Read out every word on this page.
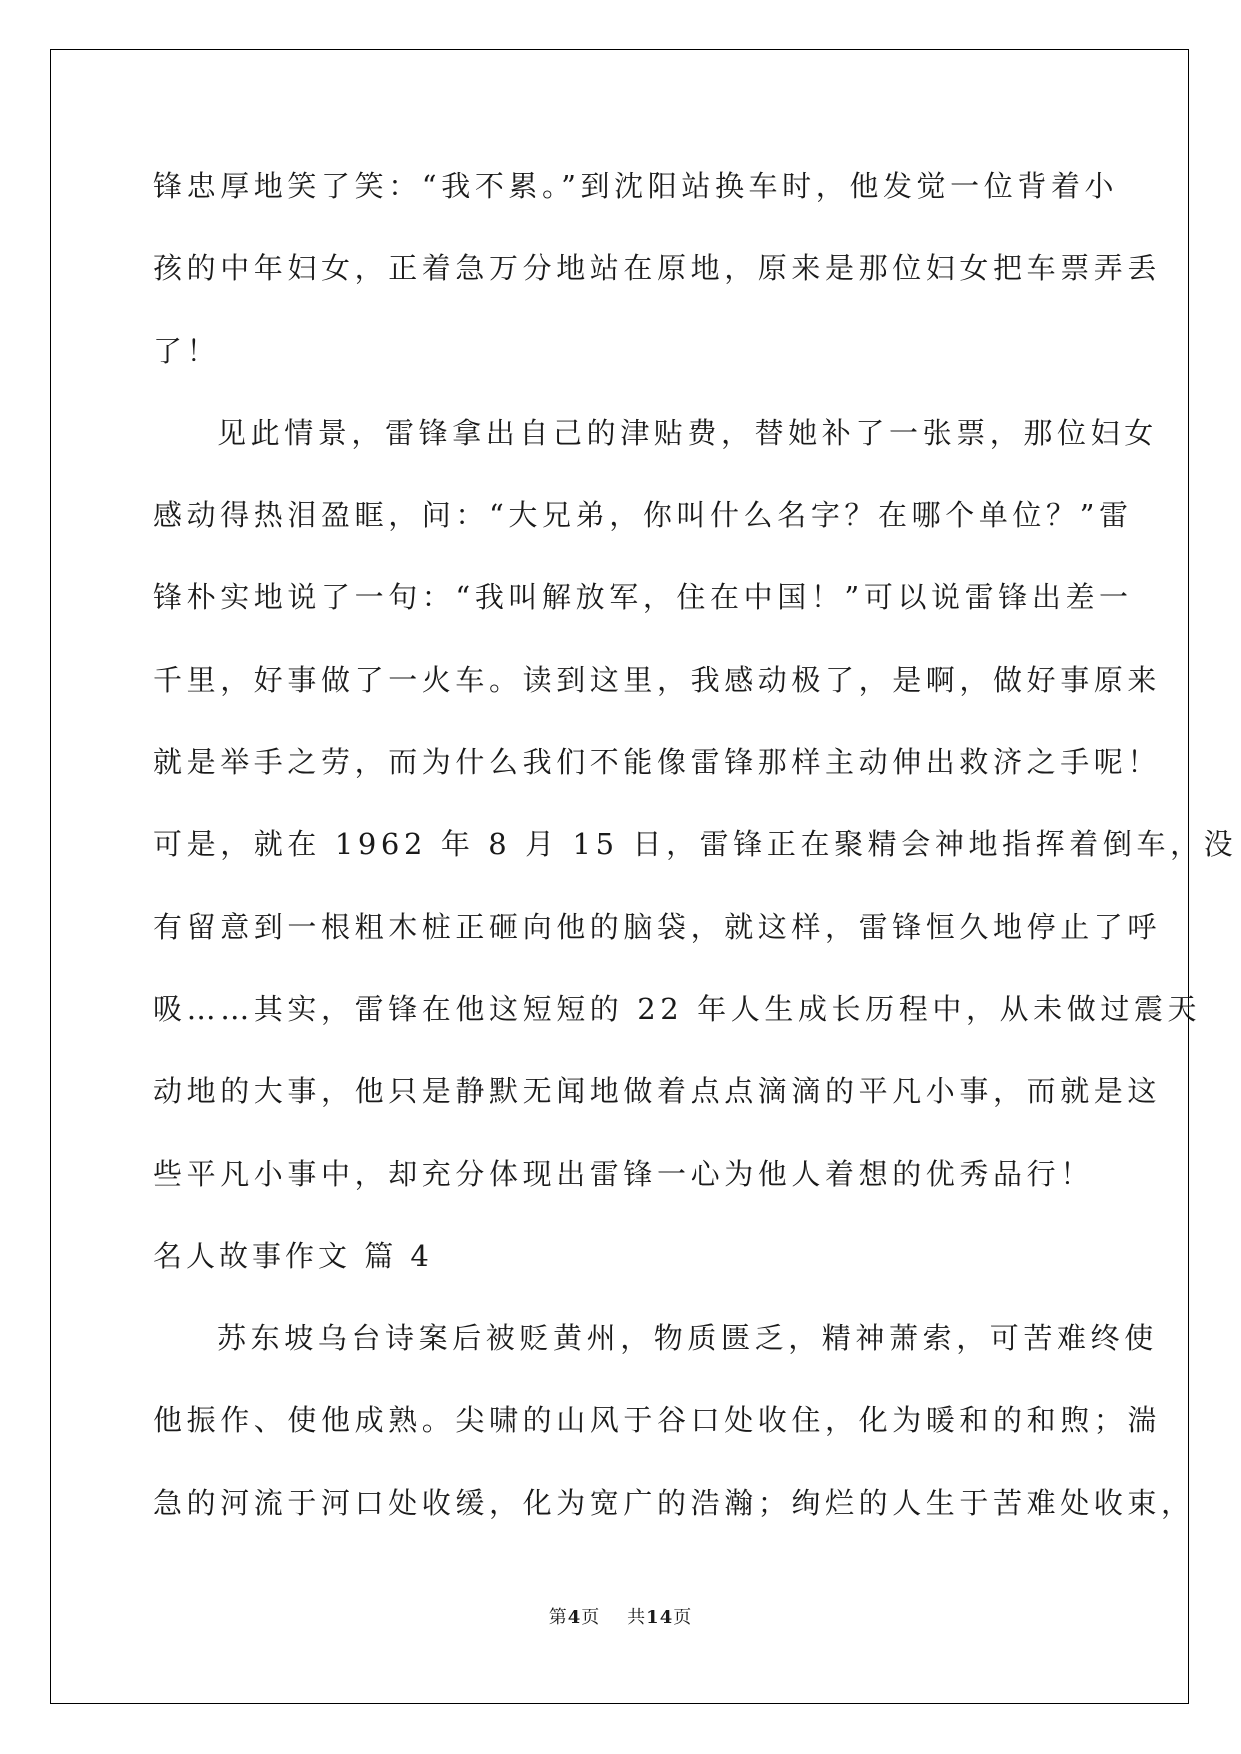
锋忠厚地笑了笑：“我不累。”到沈阳站换车时，他发觉一位背着小
孩的中年妇女，正着急万分地站在原地，原来是那位妇女把车票弄丢
了！
见此情景，雷锋拿出自己的津贴费，替她补了一张票，那位妇女
感动得热泪盈眶，问：“大兄弟，你叫什么名字？在哪个单位？”雷
锋朴实地说了一句：“我叫解放军，住在中国！”可以说雷锋出差一
千里，好事做了一火车。读到这里，我感动极了，是啊，做好事原来
就是举手之劳，而为什么我们不能像雷锋那样主动伸出救济之手呢！
可是，就在 1962 年 8 月 15 日，雷锋正在聚精会神地指挥着倒车，没
有留意到一根粗木桩正砸向他的脑袋，就这样，雷锋恒久地停止了呼
吸……其实，雷锋在他这短短的 22 年人生成长历程中，从未做过震天
动地的大事，他只是静默无闻地做着点点滴滴的平凡小事，而就是这
些平凡小事中，却充分体现出雷锋一心为他人着想的优秀品行！
名人故事作文 篇 4
苏东坡乌台诗案后被贬黄州，物质匮乏，精神萧索，可苦难终使
他振作、使他成熟。尖啸的山风于谷口处收住，化为暖和的和煦；湍
急的河流于河口处收缓，化为宽广的浩瀚；绚烂的人生于苦难处收束，
第4页 共14页
